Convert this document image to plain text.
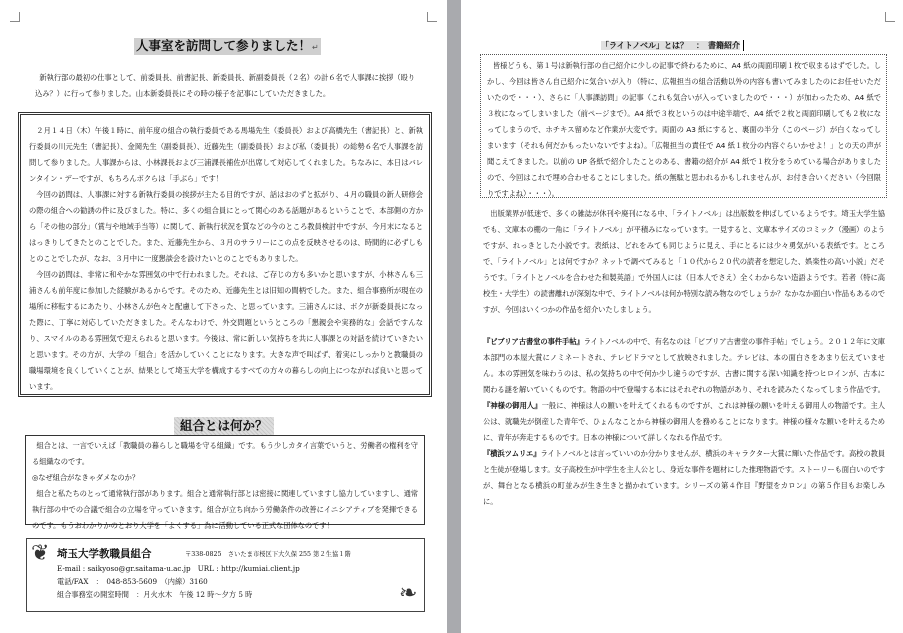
人事室を訪問して参りました！↵
新執行部の最初の仕事として、前委員長、前書記長、新委員長、新副委員長（２名）の計６名で人事課に挨拶（殴り込み？）に行って参りました。山本新委員長にその時の様子を記事にしていただきました。

２月１４日（木）午後１時に、前年度の組合の執行委員である馬場先生（委員長）および高橋先生（書記長）と、新執行委員の川元先生（書記長）、金岡先生（副委員長）、近藤先生（副委員長）および私（委員長）の総勢６名で人事課を訪問して参りました。人事課からは、小林課長および三浦課長補佐が出席して対応してくれました。ちなみに、本日はバレンタイン・デーですが、もちろんボクらは「手ぶら」です！

今回の訪問は、人事課に対する新執行委員の挨拶が主たる目的ですが、話はおのずと拡がり、４月の職員の新人研修会の際の組合への勧誘の件に及びました。特に、多くの組合員にとって関心のある話題があるということで、本部側の方から「その他の部分」（賞与や地域手当等）に関して、新執行状況を質などの今のところ教員検討中ですが、今月末になるとはっきりしてきたとのことでした。また、近藤先生から、３月のサラリーにこの点を反映させるのは、時間的に必ずしもとのことでしたが、なお、３月中に一度懇談会を設けたいとのことでもありました。

今回の訪問は、非常に和やかな雰囲気の中で行われました。それは、ご存じの方も多いかと思いますが、小林さんも三浦さんも前年度に参加した経験があるからです。そのため、近藤先生とは旧知の間柄でした。また、組合事務所が現在の場所に移転するにあたり、小林さんが色々と配慮して下さった、と思っています。三浦さんには、ボクが新委員長になった際に、丁寧に対応していただきました。そんなわけで、外交問題というところの「懇親会や実務的な」会話ですんなり、スマイルのある雰囲気で迎えられると思います。今後は、常に新しい気持ちを共に人事課との対話を続けていきたいと思います。その方が、大学の「組合」を活かしていくことになります。大きな声で叫ばず、着実にしっかりと教職員の職場環境を良くしていくことが、結果として埼玉大学を構成するすべての方々の暮らしの向上につながれば良いと思っています。

組合とは何か？

組合とは、一言でいえば「教職員の暮らしと職場を守る組織」です。もう少しカタイ言葉でいうと、労働者の権利を守る組織なのです。

◎なぜ組合がなきゃダメなのか？

組合と私たちのとって通常執行部があります。組合と通常執行部とは密接に関連していますし協力していますし、通常執行部の中での合議で組合の立場を守っていきます。組合が立ち向かう労働条件の改善にイニシアティブを発揮できるのです。もうおわかりかのとおり大学を「よくする」為に活動している正式な団体なのです！

❦
❧
埼玉大学教職員組合	〒338-0825　さいたま市桜区下大久保 255 第２生協１階
E-mail : saikyoso@gr.saitama-u.ac.jp　URL : http://kumiai.client.jp
電話/FAX　：　048-853-5609　（内線）3160
組合事務室の開室時間　：月火水木　午後 12 時～夕方 5 時
「ライトノベル」とは？　：　書籍紹介
皆様どうも、第１号は新執行部の自己紹介に少しの記事で終わるために、A4 紙の両面印刷１枚で収まるはずでした。しかし、今回は皆さん自己紹介に気合いが入り（特に、広報担当の組合活動以外の内容も書いてみましたのにお任せいただいたので・・・）、さらに「人事課訪問」の記事（これも気合いが入っていましたので・・・）が加わったため、A4 紙で３枚になってしまいました（前ページまで）。A4 紙で３枚というのは中途半端で、A4 紙で２枚と両面印刷しても２枚になってしまうので、ホチキス留めなど作業が大変です。両面の A3 紙にすると、裏面の半分（このページ）が白くなってしまいます（それも何だかもったいないですよね）。「広報担当の責任で A4 紙１枚分の内容ぐらいかせよ！」との天の声が聞こえてきました。以前の UP 各紙で紹介したことのある、書籍の紹介が A4 紙で１枚分をうめている場合がありましたので、今回はこれで埋め合わせることにしました。紙の無駄と思われるかもしれませんが、お付き合いください（今回限りですよね）・・・）。

出版業界が低迷で、多くの雑誌が休刊や廃刊になる中、「ライトノベル」は出版数を伸ばしているようです。埼玉大学生協でも、文庫本の棚の一角に「ライトノベル」が平積みになっています。一見すると、文庫本サイズのコミック（漫画）のようですが、れっきとした小説です。表紙は、どれをみても同じように見え、手にとるには少々勇気がいる表紙です。ところで、「ライトノベル」とは何ですか？ネットで調べてみると「１０代から２０代の読者を想定した、娯楽性の高い小説」だそうです。「ライトとノベルを合わせた和製英語」で外国人には（日本人でさえ）全くわからない造語ようです。若者（特に高校生・大学生）の読書離れが深刻な中で、ライトノベルは何か特別な読み物なのでしょうか？なかなか面白い作品もあるのですが、今回はいくつかの作品を紹介いたしましょう。

『ビブリア古書堂の事件手帖』ライトノベルの中で、有名なのは「ビブリア古書堂の事件手帖」でしょう。２０１２年に文庫本部門の本屋大賞にノミネートされ、テレビドラマとして放映されました。テレビは、本の面白さをあまり伝えていません。本の雰囲気を味わうのは、私の気持ちの中で何か少し違うのですが、古書に関する深い知識を持つヒロインが、古本に関わる謎を解いていくものです。物語の中で登場する本にはそれぞれの物語があり、それを読みたくなってしまう作品です。

『神様の御用人』一般に、神様は人の願いを叶えてくれるものですが、これは神様の願いを叶える御用人の物語です。主人公は、就職先が倒産した青年で、ひょんなことから神様の御用人を務めることになります。神様の様々な願いを叶えるために、青年が奔走するものです。日本の神様について詳しくなれる作品です。

『横浜ツムリエ』ライトノベルとは言っていいのか分かりませんが、横浜のキャラクター大賞に輝いた作品です。高校の教員と生徒が登場します。女子高校生が中学生を主人公とし、身近な事件を題材にした推理物語です。ストーリーも面白いのですが、舞台となる横浜の町並みが生き生きと描かれています。シリーズの第４作目『野望をカロン』の第５作目もお楽しみに。
